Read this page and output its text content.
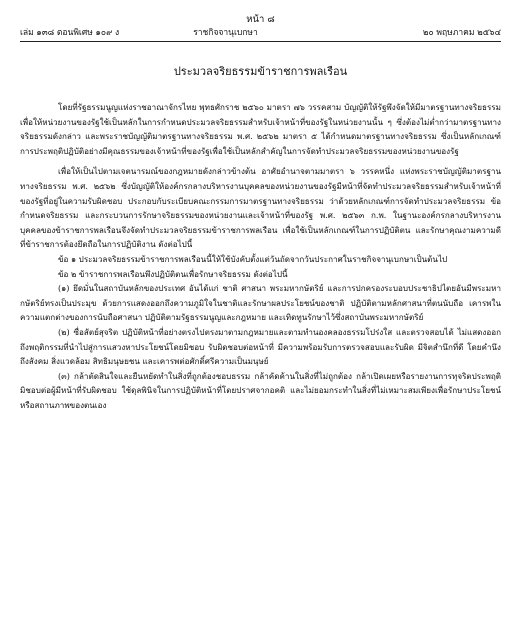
หน้า ๘
เล่ม ๑๓๘ ตอนพิเศษ ๑๐๙ ง	ราชกิจจานุเบกษา	๒๐ พฤษภาคม ๒๕๖๔
ประมวลจริยธรรมข้าราชการพลเรือน

โดยที่รัฐธรรมนูญแห่งราชอาณาจักรไทย พุทธศักราช ๒๕๖๐ มาตรา ๗๖ วรรคสาม บัญญัติให้รัฐพึงจัดให้มีมาตรฐานทางจริยธรรม เพื่อให้หน่วยงานของรัฐใช้เป็นหลักในการกำหนดประมวลจริยธรรมสำหรับเจ้าหน้าที่ของรัฐในหน่วยงานนั้น ๆ ซึ่งต้องไม่ต่ำกว่ามาตรฐานทางจริยธรรมดังกล่าว และพระราชบัญญัติมาตรฐานทางจริยธรรม พ.ศ. ๒๕๖๒ มาตรา ๕ ได้กำหนดมาตรฐานทางจริยธรรม ซึ่งเป็นหลักเกณฑ์การประพฤติปฏิบัติอย่างมีคุณธรรมของเจ้าหน้าที่ของรัฐเพื่อใช้เป็นหลักสำคัญในการจัดทำประมวลจริยธรรมของหน่วยงานของรัฐ

เพื่อให้เป็นไปตามเจตนารมณ์ของกฎหมายดังกล่าวข้างต้น อาศัยอำนาจตามมาตรา ๖ วรรคหนึ่ง แห่งพระราชบัญญัติมาตรฐานทางจริยธรรม พ.ศ. ๒๕๖๒ ซึ่งบัญญัติให้องค์กรกลางบริหารงานบุคคลของหน่วยงานของรัฐมีหน้าที่จัดทำประมวลจริยธรรมสำหรับเจ้าหน้าที่ของรัฐที่อยู่ในความรับผิดชอบ ประกอบกับระเบียบคณะกรรมการมาตรฐานทางจริยธรรม ว่าด้วยหลักเกณฑ์การจัดทำประมวลจริยธรรม ข้อกำหนดจริยธรรม และกระบวนการรักษาจริยธรรมของหน่วยงานและเจ้าหน้าที่ของรัฐ พ.ศ. ๒๕๖๓ ก.พ. ในฐานะองค์กรกลางบริหารงานบุคคลของข้าราชการพลเรือนจึงจัดทำประมวลจริยธรรมข้าราชการพลเรือน เพื่อใช้เป็นหลักเกณฑ์ในการปฏิบัติตน และรักษาคุณงามความดีที่ข้าราชการต้องยึดถือในการปฏิบัติงาน ดังต่อไปนี้

ข้อ ๑ ประมวลจริยธรรมข้าราชการพลเรือนนี้ให้ใช้บังคับตั้งแต่วันถัดจากวันประกาศในราชกิจจานุเบกษาเป็นต้นไป

ข้อ ๒ ข้าราชการพลเรือนพึงปฏิบัติตนเพื่อรักษาจริยธรรม ดังต่อไปนี้

(๑) ยึดมั่นในสถาบันหลักของประเทศ อันได้แก่ ชาติ ศาสนา พระมหากษัตริย์ และการปกครองระบอบประชาธิปไตยอันมีพระมหากษัตริย์ทรงเป็นประมุข ด้วยการแสดงออกถึงความภูมิใจในชาติและรักษาผลประโยชน์ของชาติ ปฏิบัติตามหลักศาสนาที่ตนนับถือ เคารพในความแตกต่างของการนับถือศาสนา ปฏิบัติตามรัฐธรรมนูญและกฎหมาย และเทิดทูนรักษาไว้ซึ่งสถาบันพระมหากษัตริย์

(๒) ซื่อสัตย์สุจริต ปฏิบัติหน้าที่อย่างตรงไปตรงมาตามกฎหมายและตามทำนองคลองธรรมโปร่งใส และตรวจสอบได้ ไม่แสดงออกถึงพฤติกรรมที่นำไปสู่การแสวงหาประโยชน์โดยมิชอบ รับผิดชอบต่อหน้าที่ มีความพร้อมรับการตรวจสอบและรับผิด มีจิตสำนึกที่ดี โดยคำนึงถึงสังคม สิ่งแวดล้อม สิทธิมนุษยชน และเคารพต่อศักดิ์ศรีความเป็นมนุษย์

(๓) กล้าตัดสินใจและยืนหยัดทำในสิ่งที่ถูกต้องชอบธรรม กล้าคัดค้านในสิ่งที่ไม่ถูกต้อง กล้าเปิดเผยหรือรายงานการทุจริตประพฤติมิชอบต่อผู้มีหน้าที่รับผิดชอบ ใช้ดุลพินิจในการปฏิบัติหน้าที่โดยปราศจากอคติ และไม่ยอมกระทำในสิ่งที่ไม่เหมาะสมเพียงเพื่อรักษาประโยชน์หรือสถานภาพของตนเอง
